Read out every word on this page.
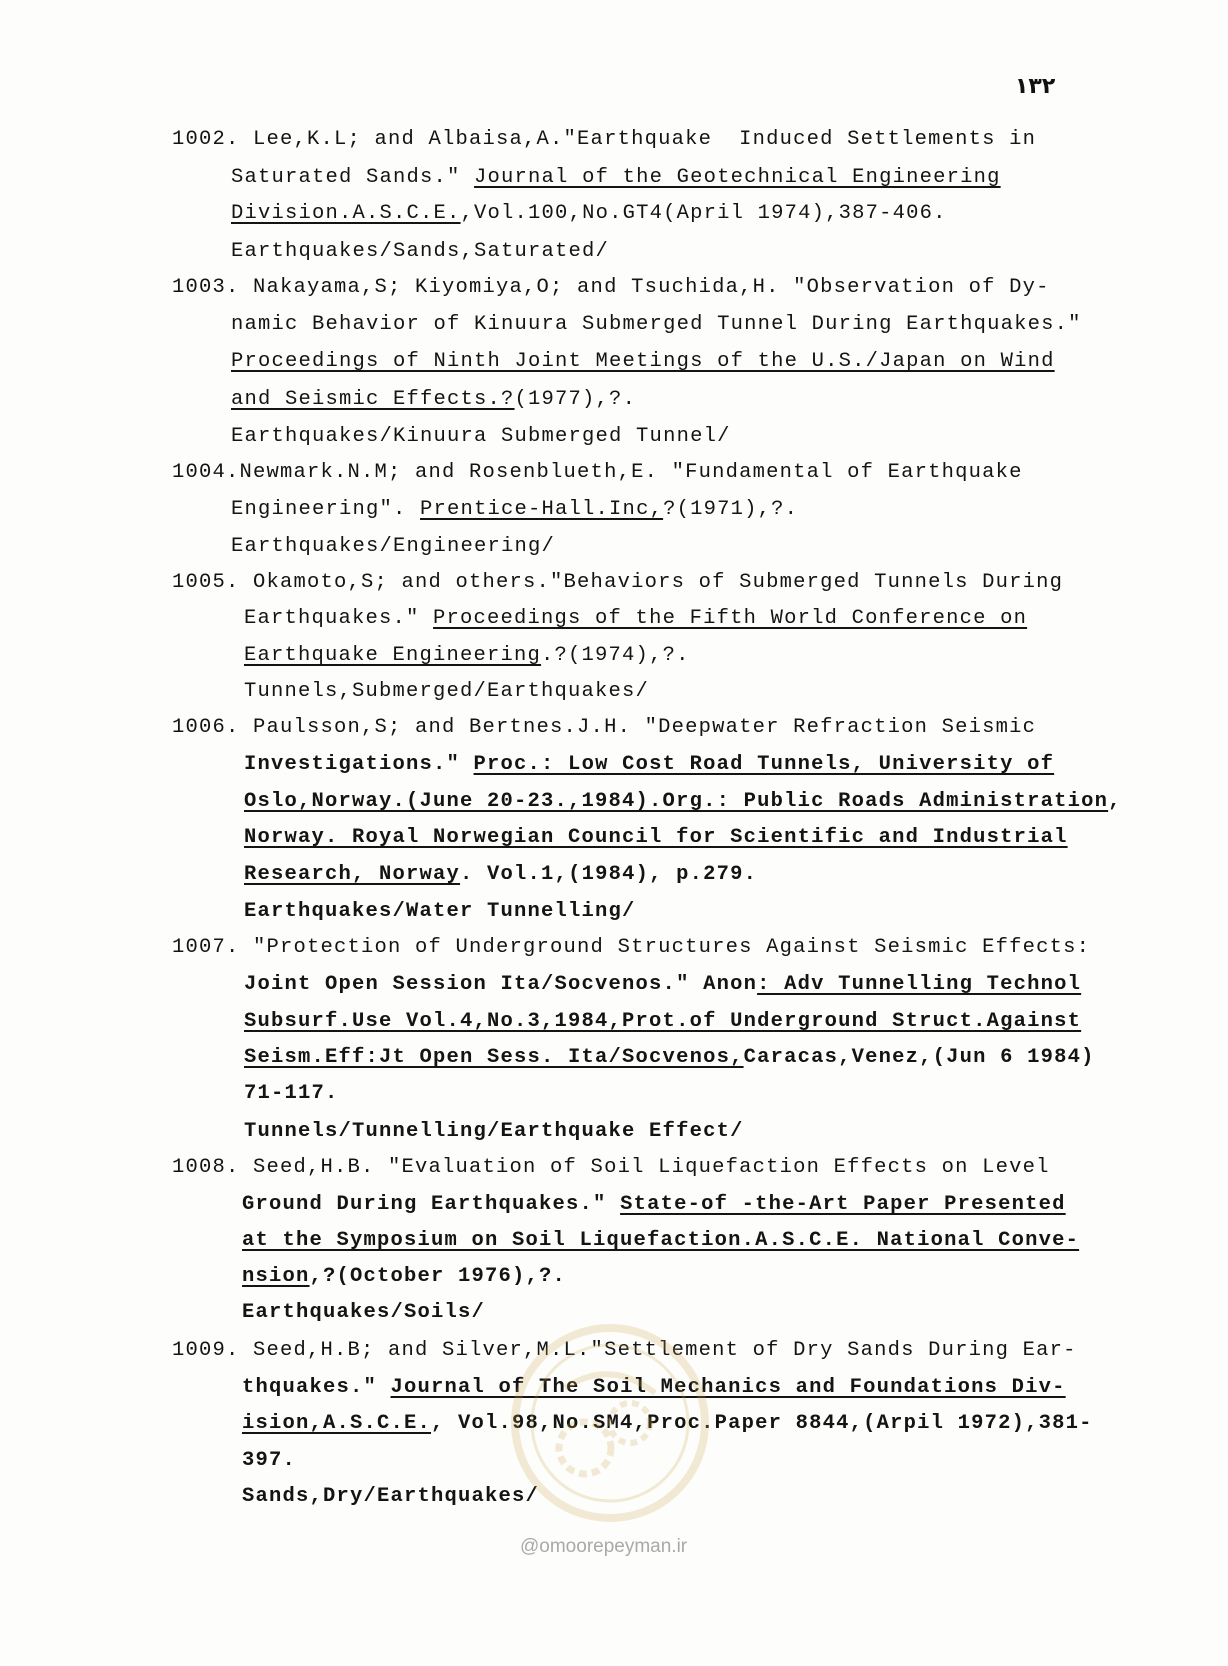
۱۳۲
1002. Lee,K.L; and Albaisa,A."Earthquake  Induced Settlements in
Saturated Sands." Journal of the Geotechnical Engineering
Division.A.S.C.E.,Vol.100,No.GT4(April 1974),387-406.
Earthquakes/Sands,Saturated/
1003. Nakayama,S; Kiyomiya,O; and Tsuchida,H. "Observation of Dy-
namic Behavior of Kinuura Submerged Tunnel During Earthquakes."
Proceedings of Ninth Joint Meetings of the U.S./Japan on Wind
and Seismic Effects.?(1977),?.
Earthquakes/Kinuura Submerged Tunnel/
1004.Newmark.N.M; and Rosenblueth,E. "Fundamental of Earthquake
Engineering". Prentice-Hall.Inc,?(1971),?.
Earthquakes/Engineering/
1005. Okamoto,S; and others."Behaviors of Submerged Tunnels During
Earthquakes." Proceedings of the Fifth World Conference on
Earthquake Engineering.?(1974),?.
Tunnels,Submerged/Earthquakes/
1006. Paulsson,S; and Bertnes.J.H. "Deepwater Refraction Seismic
Investigations." Proc.: Low Cost Road Tunnels, University of
Oslo,Norway.(June 20-23.,1984).Org.: Public Roads Administration,
Norway. Royal Norwegian Council for Scientific and Industrial
Research, Norway. Vol.1,(1984), p.279.
Earthquakes/Water Tunnelling/
1007. "Protection of Underground Structures Against Seismic Effects:
Joint Open Session Ita/Socvenos." Anon: Adv Tunnelling Technol
Subsurf.Use Vol.4,No.3,1984,Prot.of Underground Struct.Against
Seism.Eff:Jt Open Sess. Ita/Socvenos,Caracas,Venez,(Jun 6 1984)
71-117.
Tunnels/Tunnelling/Earthquake Effect/
1008. Seed,H.B. "Evaluation of Soil Liquefaction Effects on Level
Ground During Earthquakes." State-of -the-Art Paper Presented
at the Symposium on Soil Liquefaction.A.S.C.E. National Conve-
nsion,?(October 1976),?.
Earthquakes/Soils/
1009. Seed,H.B; and Silver,M.L."Settlement of Dry Sands During Ear-
thquakes." Journal of The Soil Mechanics and Foundations Div-
ision,A.S.C.E., Vol.98,No.SM4,Proc.Paper 8844,(Arpil 1972),381-
397.
Sands,Dry/Earthquakes/
@omoorepeyman.ir
